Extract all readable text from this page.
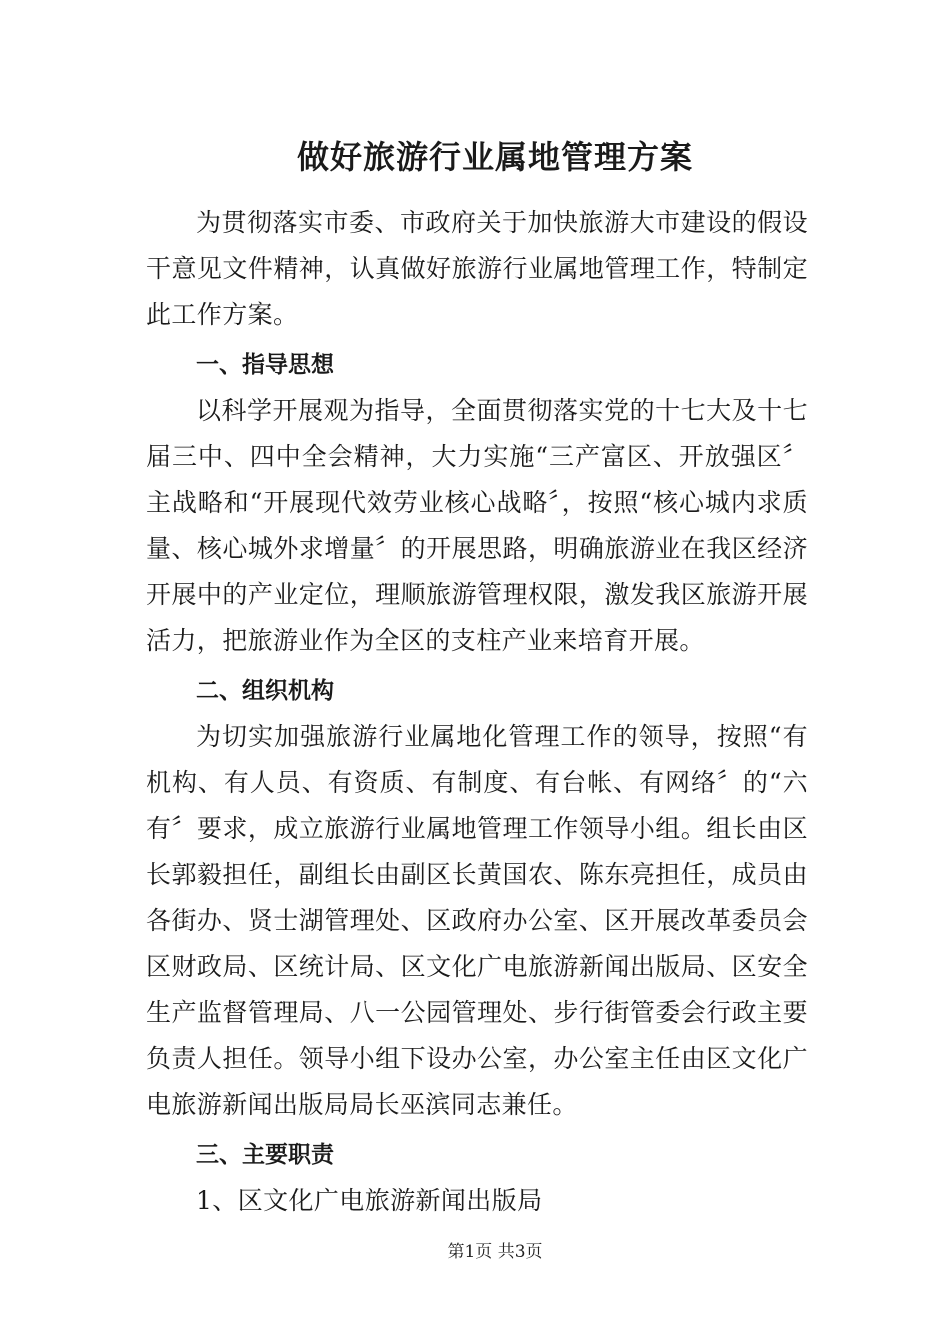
做好旅游行业属地管理方案

为贯彻落实市委、市政府关于加快旅游大市建设的假设干意见文件精神，认真做好旅游行业属地管理工作，特制定此工作方案。

一、指导思想

以科学开展观为指导，全面贯彻落实党的十七大及十七届三中、四中全会精神，大力实施“三产富区、开放强区〞主战略和“开展现代效劳业核心战略〞，按照“核心城内求质量、核心城外求增量〞的开展思路，明确旅游业在我区经济开展中的产业定位，理顺旅游管理权限，激发我区旅游开展活力，把旅游业作为全区的支柱产业来培育开展。

二、组织机构

为切实加强旅游行业属地化管理工作的领导，按照“有机构、有人员、有资质、有制度、有台帐、有网络〞的“六有〞要求，成立旅游行业属地管理工作领导小组。组长由区长郭毅担任，副组长由副区长黄国农、陈东亮担任，成员由各街办、贤士湖管理处、区政府办公室、区开展改革委员会区财政局、区统计局、区文化广电旅游新闻出版局、区安全生产监督管理局、八一公园管理处、步行街管委会行政主要负责人担任。领导小组下设办公室，办公室主任由区文化广电旅游新闻出版局局长巫滨同志兼任。

三、主要职责

1、区文化广电旅游新闻出版局

第1页 共3页
